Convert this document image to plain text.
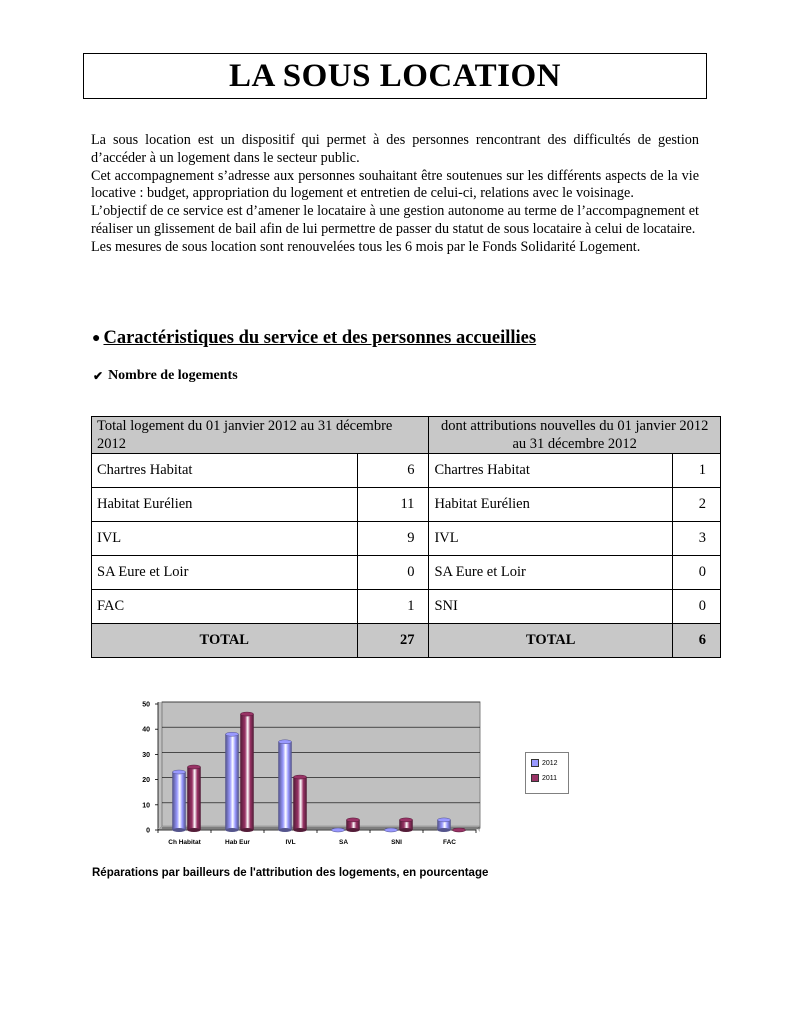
LA SOUS LOCATION

La sous location est un dispositif qui permet à des personnes rencontrant des difficultés de gestion d’accéder à un logement dans le secteur public.

Cet accompagnement s’adresse aux personnes souhaitant être soutenues sur les différents aspects de la vie locative : budget, appropriation du logement et entretien de celui-ci, relations avec le voisinage.

L’objectif de ce service est d’amener le locataire à une gestion autonome au terme de l’accompagnement et réaliser un glissement de bail afin de lui permettre de passer du statut de sous locataire à celui de locataire.

Les mesures de sous location sont renouvelées tous les 6 mois par le Fonds Solidarité Logement.

● Caractéristiques du service et des personnes accueillies
✔ Nombre de logements
Total logement du 01 janvier 2012 au 31 décembre 2012		dont attributions nouvelles du 01 janvier 2012 au 31 décembre 2012	
Chartres Habitat	6	Chartres Habitat	1
Habitat Eurélien	11	Habitat Eurélien	2
IVL	9	IVL	3
SA Eure et Loir	0	SA Eure et Loir	0
FAC	1	SNI	0
TOTAL	27	TOTAL	6
0
10
20
30
40
50
Ch Habitat	Hab Eur	IVL	SA	SNI	FAC
2012
2011
Réparations par bailleurs de l'attribution des logements, en pourcentage
